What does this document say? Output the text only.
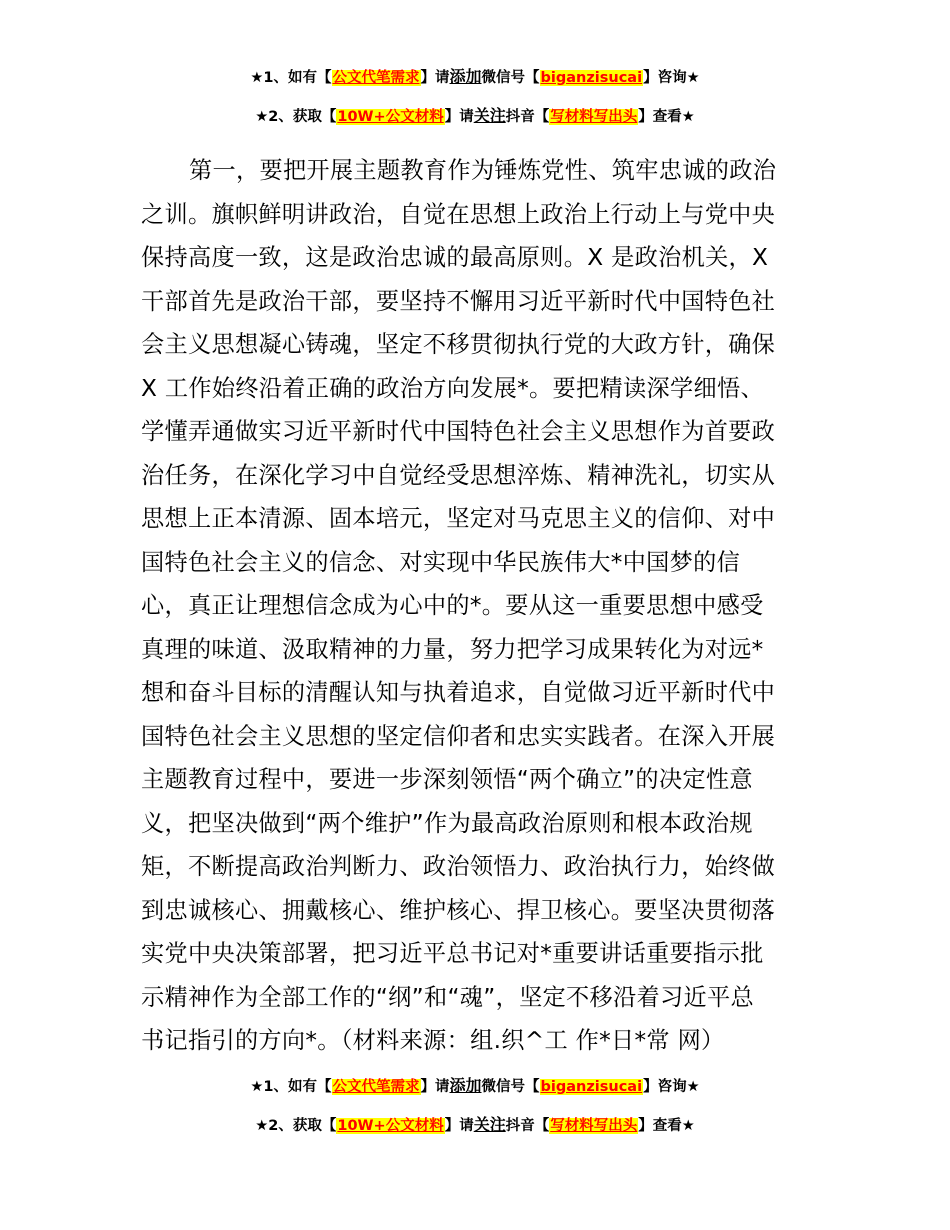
★1、如有【公文代笔需求】请添加微信号【biganzisucai】咨询★
★2、获取【10W+公文材料】请关注抖音【写材料写出头】查看★
第一，要把开展主题教育作为锤炼党性、筑牢忠诚的政治
之训。旗帜鲜明讲政治，自觉在思想上政治上行动上与党中央
保持高度一致，这是政治忠诚的最高原则。X 是政治机关，X
干部首先是政治干部，要坚持不懈用习近平新时代中国特色社
会主义思想凝心铸魂，坚定不移贯彻执行党的大政方针，确保
X 工作始终沿着正确的政治方向发展*。要把精读深学细悟、
学懂弄通做实习近平新时代中国特色社会主义思想作为首要政
治任务，在深化学习中自觉经受思想淬炼、精神洗礼，切实从
思想上正本清源、固本培元，坚定对马克思主义的信仰、对中
国特色社会主义的信念、对实现中华民族伟大*中国梦的信
心，真正让理想信念成为心中的*。要从这一重要思想中感受
真理的味道、汲取精神的力量，努力把学习成果转化为对远*
想和奋斗目标的清醒认知与执着追求，自觉做习近平新时代中
国特色社会主义思想的坚定信仰者和忠实实践者。在深入开展
主题教育过程中，要进一步深刻领悟“两个确立”的决定性意
义，把坚决做到“两个维护”作为最高政治原则和根本政治规
矩，不断提高政治判断力、政治领悟力、政治执行力，始终做
到忠诚核心、拥戴核心、维护核心、捍卫核心。要坚决贯彻落
实党中央决策部署，把习近平总书记对*重要讲话重要指示批
示精神作为全部工作的“纲”和“魂”，坚定不移沿着习近平总
书记指引的方向*。（材料来源：组.织^工 作*日*常 网）
★1、如有【公文代笔需求】请添加微信号【biganzisucai】咨询★
★2、获取【10W+公文材料】请关注抖音【写材料写出头】查看★
